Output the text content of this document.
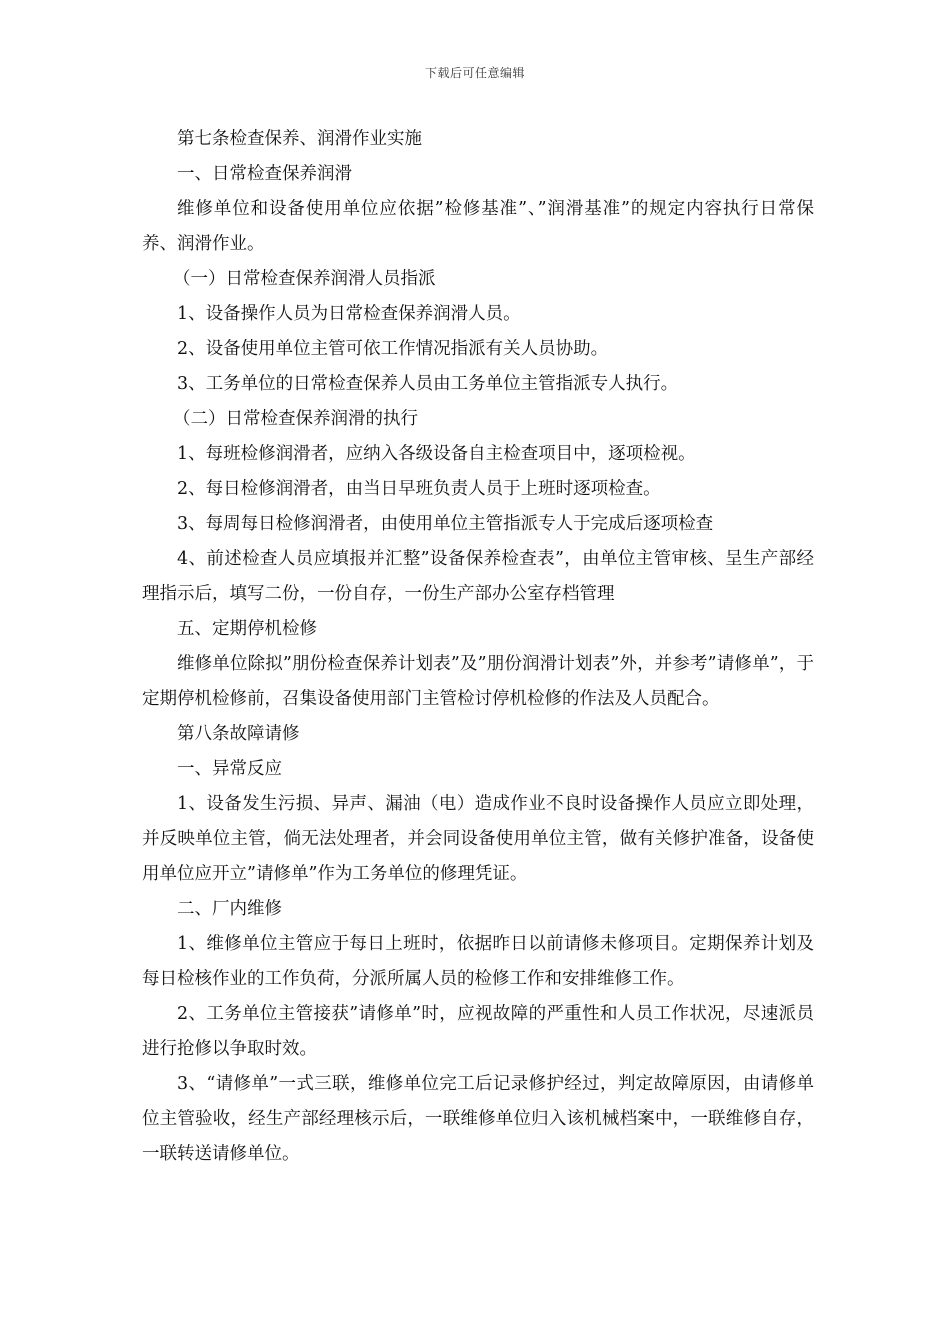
下载后可任意编辑

第七条检查保养、润滑作业实施

一、日常检查保养润滑

维修单位和设备使用单位应依据”检修基准”、”润滑基准”的规定内容执行日常保养、润滑作业。

（一）日常检查保养润滑人员指派

1、设备操作人员为日常检查保养润滑人员。

2、设备使用单位主管可依工作情况指派有关人员协助。

3、工务单位的日常检查保养人员由工务单位主管指派专人执行。

（二）日常检查保养润滑的执行

1、每班检修润滑者，应纳入各级设备自主检查项目中，逐项检视。

2、每日检修润滑者，由当日早班负责人员于上班时逐项检查。

3、每周每日检修润滑者，由使用单位主管指派专人于完成后逐项检查

4、前述检查人员应填报并汇整”设备保养检查表”，由单位主管审核、呈生产部经理指示后，填写二份，一份自存，一份生产部办公室存档管理

五、定期停机检修

维修单位除拟”朋份检查保养计划表”及”朋份润滑计划表”外，并参考”请修单”，于定期停机检修前，召集设备使用部门主管检讨停机检修的作法及人员配合。

第八条故障请修

一、异常反应

1、设备发生污损、异声、漏油（电）造成作业不良时设备操作人员应立即处理，并反映单位主管，倘无法处理者，并会同设备使用单位主管，做有关修护准备，设备使用单位应开立”请修单”作为工务单位的修理凭证。

二、厂内维修

1、维修单位主管应于每日上班时，依据昨日以前请修未修项目。定期保养计划及每日检核作业的工作负荷，分派所属人员的检修工作和安排维修工作。

2、工务单位主管接获”请修单”时，应视故障的严重性和人员工作状况，尽速派员进行抢修以争取时效。

3、“请修单”一式三联，维修单位完工后记录修护经过，判定故障原因，由请修单位主管验收，经生产部经理核示后，一联维修单位归入该机械档案中，一联维修自存，一联转送请修单位。
